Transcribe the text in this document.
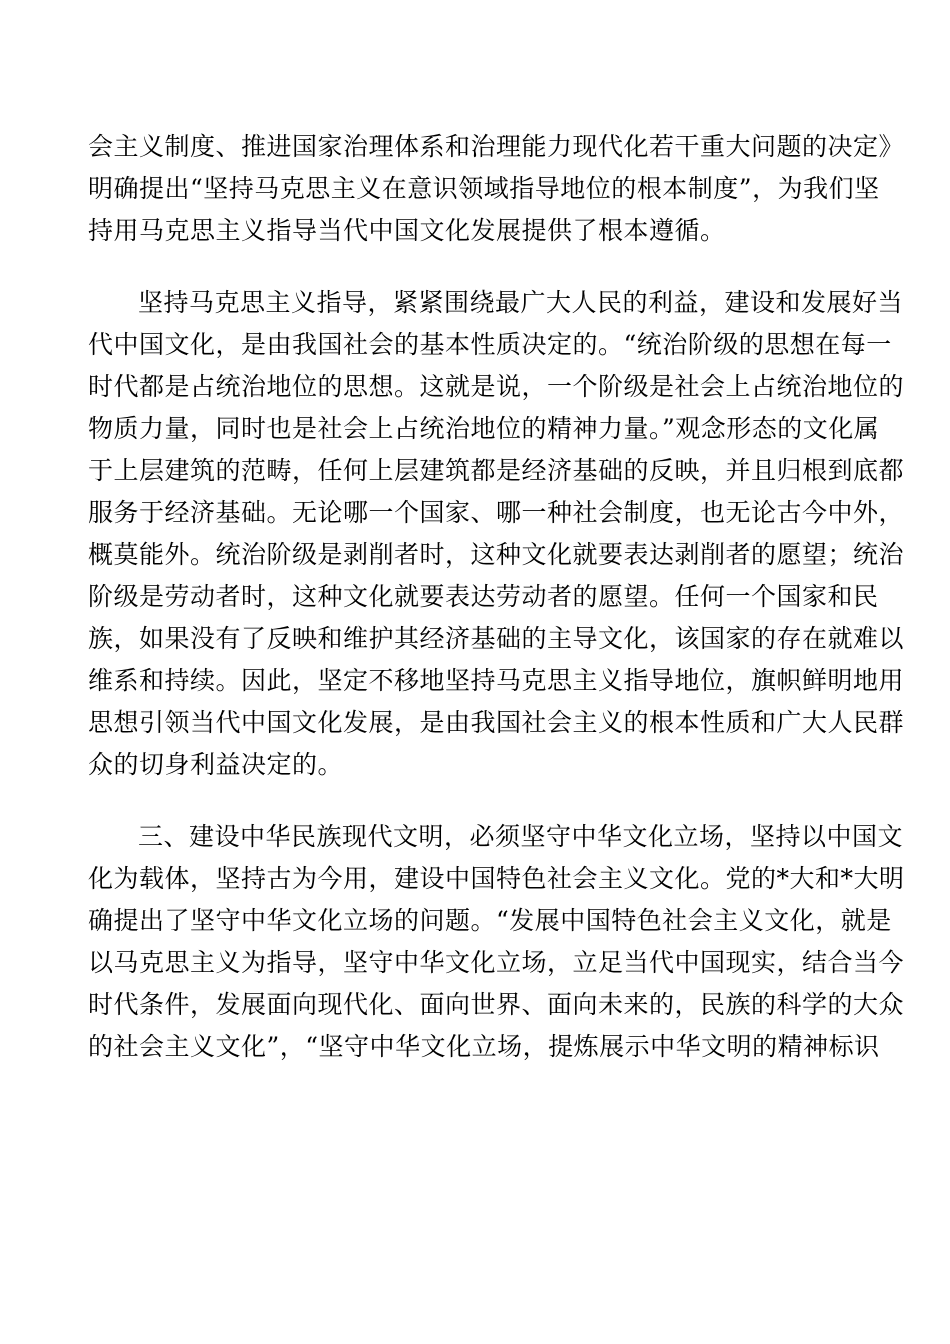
会主义制度、推进国家治理体系和治理能力现代化若干重大问题的决定》
明确提出“坚持马克思主义在意识领域指导地位的根本制度”，为我们坚
持用马克思主义指导当代中国文化发展提供了根本遵循。
坚持马克思主义指导，紧紧围绕最广大人民的利益，建设和发展好当
代中国文化，是由我国社会的基本性质决定的。“统治阶级的思想在每一
时代都是占统治地位的思想。这就是说，一个阶级是社会上占统治地位的
物质力量，同时也是社会上占统治地位的精神力量。”观念形态的文化属
于上层建筑的范畴，任何上层建筑都是经济基础的反映，并且归根到底都
服务于经济基础。无论哪一个国家、哪一种社会制度，也无论古今中外，
概莫能外。统治阶级是剥削者时，这种文化就要表达剥削者的愿望；统治
阶级是劳动者时，这种文化就要表达劳动者的愿望。任何一个国家和民
族，如果没有了反映和维护其经济基础的主导文化，该国家的存在就难以
维系和持续。因此，坚定不移地坚持马克思主义指导地位，旗帜鲜明地用
思想引领当代中国文化发展，是由我国社会主义的根本性质和广大人民群
众的切身利益决定的。
三、建设中华民族现代文明，必须坚守中华文化立场，坚持以中国文
化为载体，坚持古为今用，建设中国特色社会主义文化。党的*大和*大明
确提出了坚守中华文化立场的问题。“发展中国特色社会主义文化，就是
以马克思主义为指导，坚守中华文化立场，立足当代中国现实，结合当今
时代条件，发展面向现代化、面向世界、面向未来的，民族的科学的大众
的社会主义文化”，“坚守中华文化立场，提炼展示中华文明的精神标识
